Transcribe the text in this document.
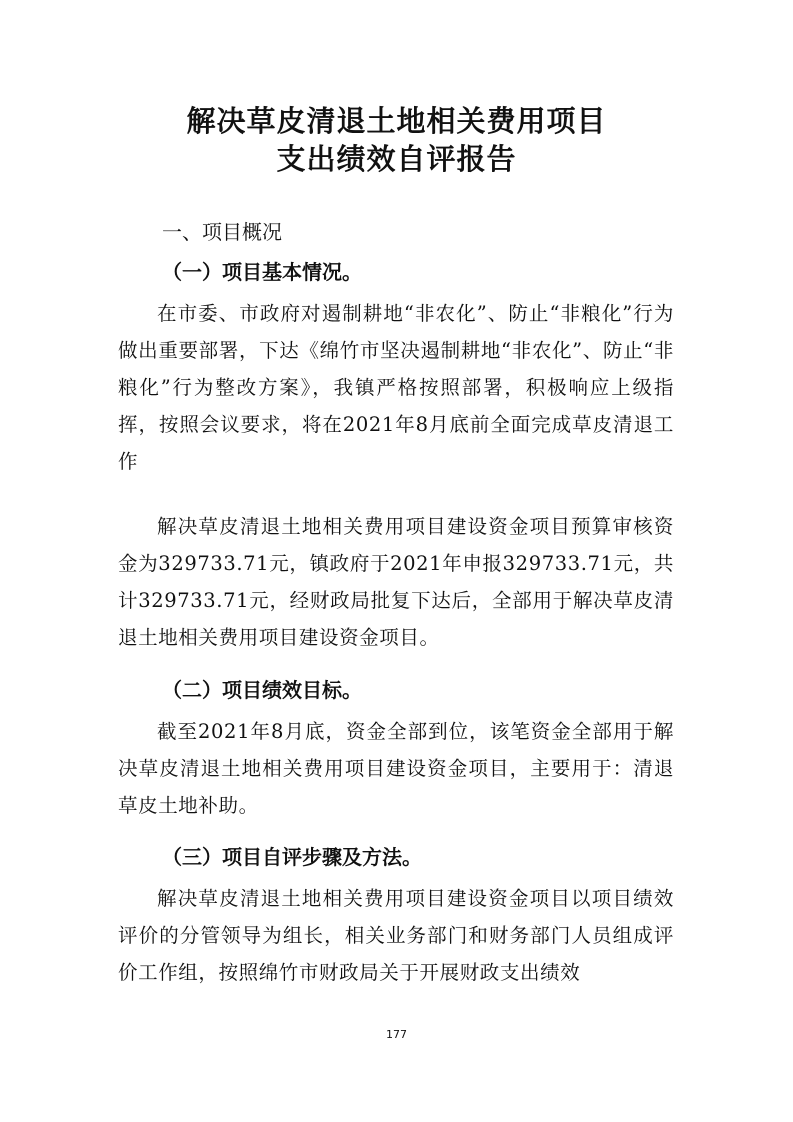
解决草皮清退土地相关费用项目
支出绩效自评报告
一、项目概况
（一）项目基本情况。

在市委、市政府对遏制耕地“非农化”、防止“非粮化”行为做出重要部署，下达《绵竹市坚决遏制耕地“非农化”、防止“非粮化”行为整改方案》，我镇严格按照部署，积极响应上级指挥，按照会议要求，将在2021年8月底前全面完成草皮清退工作

解决草皮清退土地相关费用项目建设资金项目预算审核资金为329733.71元，镇政府于2021年申报329733.71元，共计329733.71元，经财政局批复下达后，全部用于解决草皮清退土地相关费用项目建设资金项目。

（二）项目绩效目标。

截至2021年8月底，资金全部到位，该笔资金全部用于解决草皮清退土地相关费用项目建设资金项目，主要用于：清退草皮土地补助。

（三）项目自评步骤及方法。

解决草皮清退土地相关费用项目建设资金项目以项目绩效评价的分管领导为组长，相关业务部门和财务部门人员组成评价工作组，按照绵竹市财政局关于开展财政支出绩效

177
